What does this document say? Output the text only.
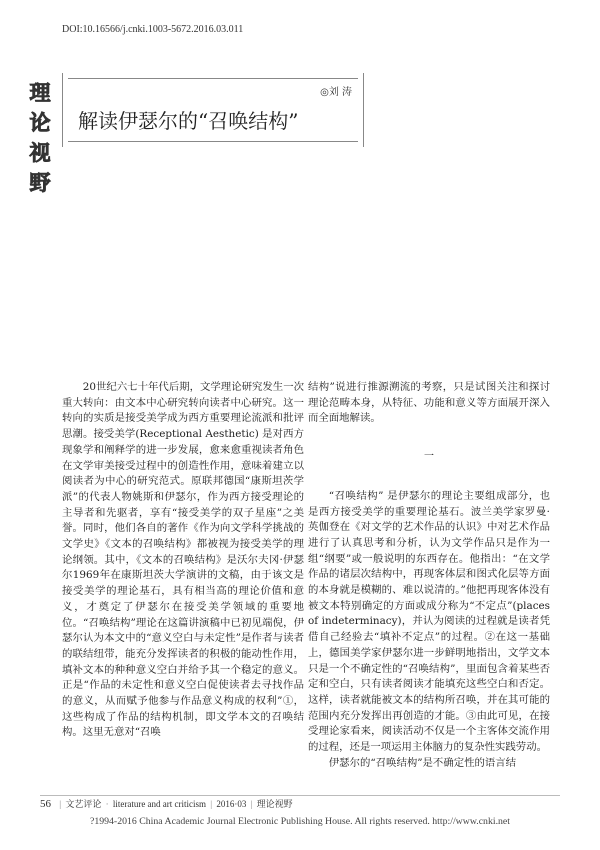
DOI:10.16566/j.cnki.1003-5672.2016.03.011
理
论
视
野
◎刘 涛
解读伊瑟尔的“召唤结构”

20世纪六七十年代后期，文学理论研究发生一次重大转向：由文本中心研究转向读者中心研究。这一转向的实质是接受美学成为西方重要理论流派和批评思潮。接受美学(Receptional Aesthetic) 是对西方现象学和阐释学的进一步发展，愈来愈重视读者角色在文学审美接受过程中的创造性作用，意味着建立以阅读者为中心的研究范式。原联邦德国“康斯坦茨学派”的代表人物姚斯和伊瑟尔，作为西方接受理论的主导者和先驱者，享有“接受美学的双子星座”之美誉。同时，他们各自的著作《作为向文学科学挑战的文学史》《文本的召唤结构》都被视为接受美学的理论纲领。其中，《文本的召唤结构》是沃尔夫冈·伊瑟尔1969年在康斯坦茨大学演讲的文稿，由于该文是接受美学的理论基石，具有相当高的理论价值和意义，才奠定了伊瑟尔在接受美学领域的重要地位。“召唤结构”理论在这篇讲演稿中已初见端倪，伊瑟尔认为本文中的“意义空白与未定性”是作者与读者的联结纽带，能充分发挥读者的积极的能动性作用，填补文本的种种意义空白并给予其一个稳定的意义。正是“作品的未定性和意义空白促使读者去寻找作品的意义，从而赋予他参与作品意义构成的权利”①，这些构成了作品的结构机制，即文学本文的召唤结构。这里无意对“召唤

结构”说进行推源溯流的考察，只是试图关注和探讨理论范畴本身，从特征、功能和意义等方面展开深入而全面地解读。

一

“召唤结构” 是伊瑟尔的理论主要组成部分，也是西方接受美学的重要理论基石。波兰美学家罗曼·英伽登在《对文学的艺术作品的认识》中对艺术作品进行了认真思考和分析，认为文学作品只是作为一组“纲要”或一般说明的东西存在。他指出：“在文学作品的诸层次结构中，再现客体层和图式化层等方面的本身就是模糊的、难以说清的。”他把再现客体没有被文本特别确定的方面或成分称为“不定点”(places of indeterminacy)，并认为阅读的过程就是读者凭借自己经验去“填补不定点”的过程。②在这一基础上，德国美学家伊瑟尔进一步鲜明地指出，文学文本只是一个不确定性的“召唤结构”，里面包含着某些否定和空白，只有读者阅读才能填充这些空白和否定。这样，读者就能被文本的结构所召唤，并在其可能的范围内充分发挥出再创造的才能。③由此可见，在接受理论家看来，阅读活动不仅是一个主客体交流作用的过程，还是一项运用主体脑力的复杂性实践劳动。

伊瑟尔的“召唤结构”是不确定性的语言结

56 | 文艺评论 · literature and art criticism | 2016·03 | 理论视野
?1994-2016 China Academic Journal Electronic Publishing House. All rights reserved. http://www.cnki.net
